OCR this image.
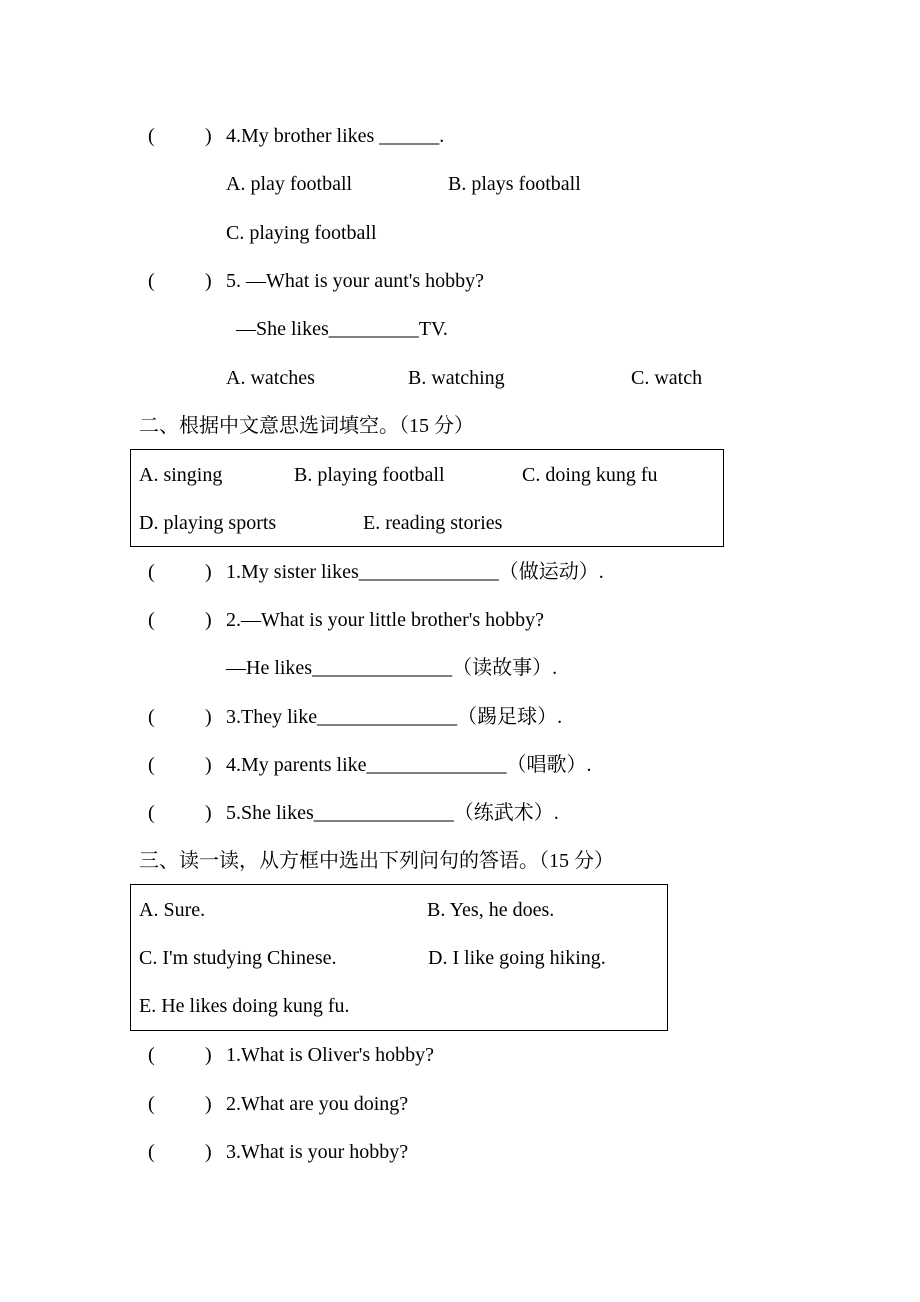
(	) 4.My brother likes ______.
A. play football	B. plays football
C. playing football
(	) 5. —What is your aunt's hobby?
—She likes_________TV.
A. watches	B. watching	C. watch
二、根据中文意思选词填空。（15 分）
A. singing	B. playing football	C. doing kung fu
D. playing sports	E. reading stories
(	) 1.My sister likes______________（做运动）.
(	) 2.—What is your little brother's hobby?
—He likes______________（读故事）.
(	) 3.They like______________（踢足球）.
(	) 4.My parents like______________（唱歌）.
(	) 5.She likes______________（练武术）.
三、读一读，从方框中选出下列问句的答语。（15 分）
A. Sure.	B. Yes, he does.
C. I'm studying Chinese.	D. I like going hiking.
E. He likes doing kung fu.
(	) 1.What is Oliver's hobby?
(	) 2.What are you doing?
(	) 3.What is your hobby?
